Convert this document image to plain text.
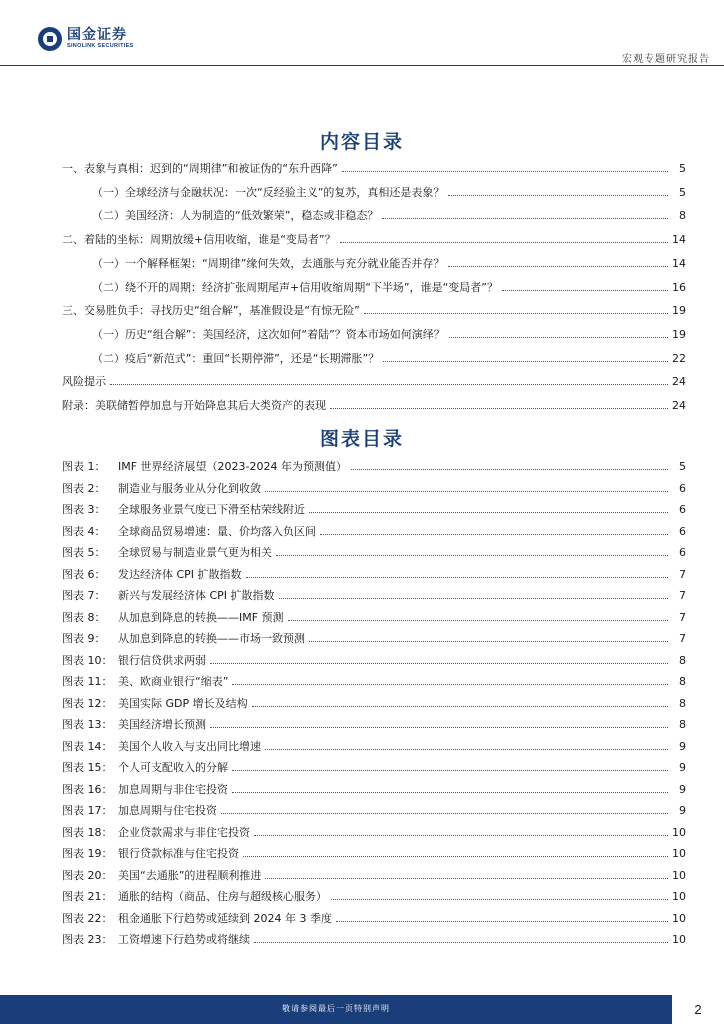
国金证券
SINOLINK SECURITIES
宏观专题研究报告
内容目录
一、表象与真相：迟到的“周期律”和被证伪的“东升西降”	5
（一）全球经济与金融状况：一次“反经验主义”的复苏，真相还是表象？	5
（二）美国经济：人为制造的“低效繁荣”，稳态或非稳态？	8
二、着陆的坐标：周期放缓+信用收缩，谁是“变局者”？	14
（一）一个解释框架：“周期律”缘何失效，去通胀与充分就业能否并存？	14
（二）绕不开的周期：经济扩张周期尾声+信用收缩周期“下半场”，谁是“变局者”？	16
三、交易胜负手：寻找历史“组合解”，基准假设是“有惊无险”	19
（一）历史“组合解”：美国经济，这次如何“着陆”？资本市场如何演绎？	19
（二）疫后“新范式”：重回“长期停滞”，还是“长期滞胀”？	22
风险提示	24
附录：美联储暂停加息与开始降息其后大类资产的表现	24
图表目录
图表 1：	IMF 世界经济展望（2023-2024 年为预测值）	5
图表 2：	制造业与服务业从分化到收敛	6
图表 3：	全球服务业景气度已下滑至枯荣线附近	6
图表 4：	全球商品贸易增速：量、价均落入负区间	6
图表 5：	全球贸易与制造业景气更为相关	6
图表 6：	发达经济体 CPI 扩散指数	7
图表 7：	新兴与发展经济体 CPI 扩散指数	7
图表 8：	从加息到降息的转换——IMF 预测	7
图表 9：	从加息到降息的转换——市场一致预测	7
图表 10： 银行信贷供求两弱	8
图表 11： 美、欧商业银行“缩表”	8
图表 12： 美国实际 GDP 增长及结构	8
图表 13： 美国经济增长预测	8
图表 14： 美国个人收入与支出同比增速	9
图表 15： 个人可支配收入的分解	9
图表 16： 加息周期与非住宅投资	9
图表 17： 加息周期与住宅投资	9
图表 18： 企业贷款需求与非住宅投资	10
图表 19： 银行贷款标准与住宅投资	10
图表 20： 美国“去通胀”的进程顺利推进	10
图表 21： 通胀的结构（商品、住房与超级核心服务）	10
图表 22： 租金通胀下行趋势或延续到 2024 年 3 季度	10
图表 23： 工资增速下行趋势或将继续	10
敬请参阅最后一页特别声明	2
